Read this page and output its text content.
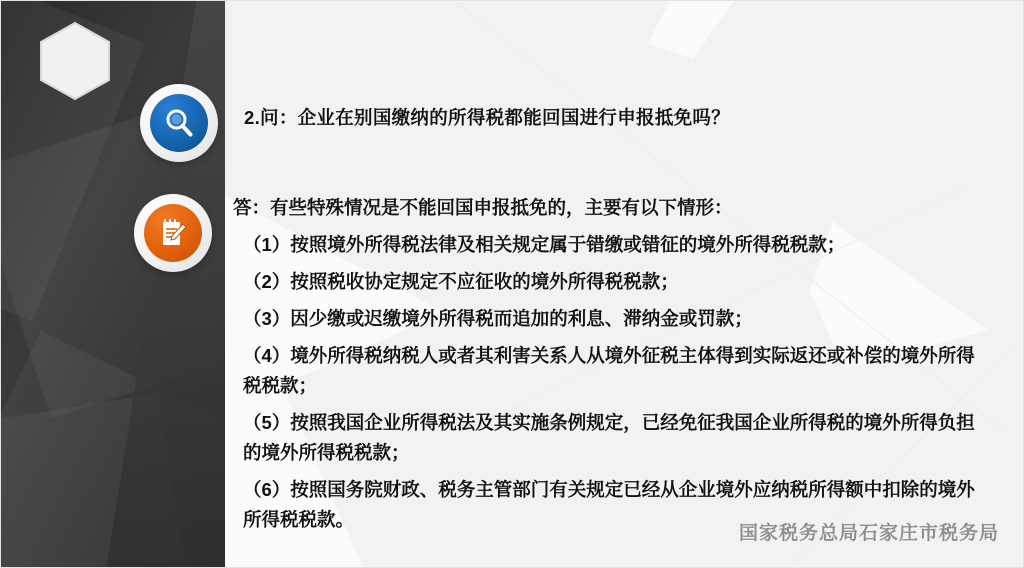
2.问：企业在别国缴纳的所得税都能回国进行申报抵免吗？

答：有些特殊情况是不能回国申报抵免的，主要有以下情形：

（1）按照境外所得税法律及相关规定属于错缴或错征的境外所得税税款；

（2）按照税收协定规定不应征收的境外所得税税款；

（3）因少缴或迟缴境外所得税而追加的利息、滞纳金或罚款；

（4）境外所得税纳税人或者其利害关系人从境外征税主体得到实际返还或补偿的境外所得税税款；

（5）按照我国企业所得税法及其实施条例规定，已经免征我国企业所得税的境外所得负担的境外所得税税款；

（6）按照国务院财政、税务主管部门有关规定已经从企业境外应纳税所得额中扣除的境外所得税税款。

国家税务总局石家庄市税务局
